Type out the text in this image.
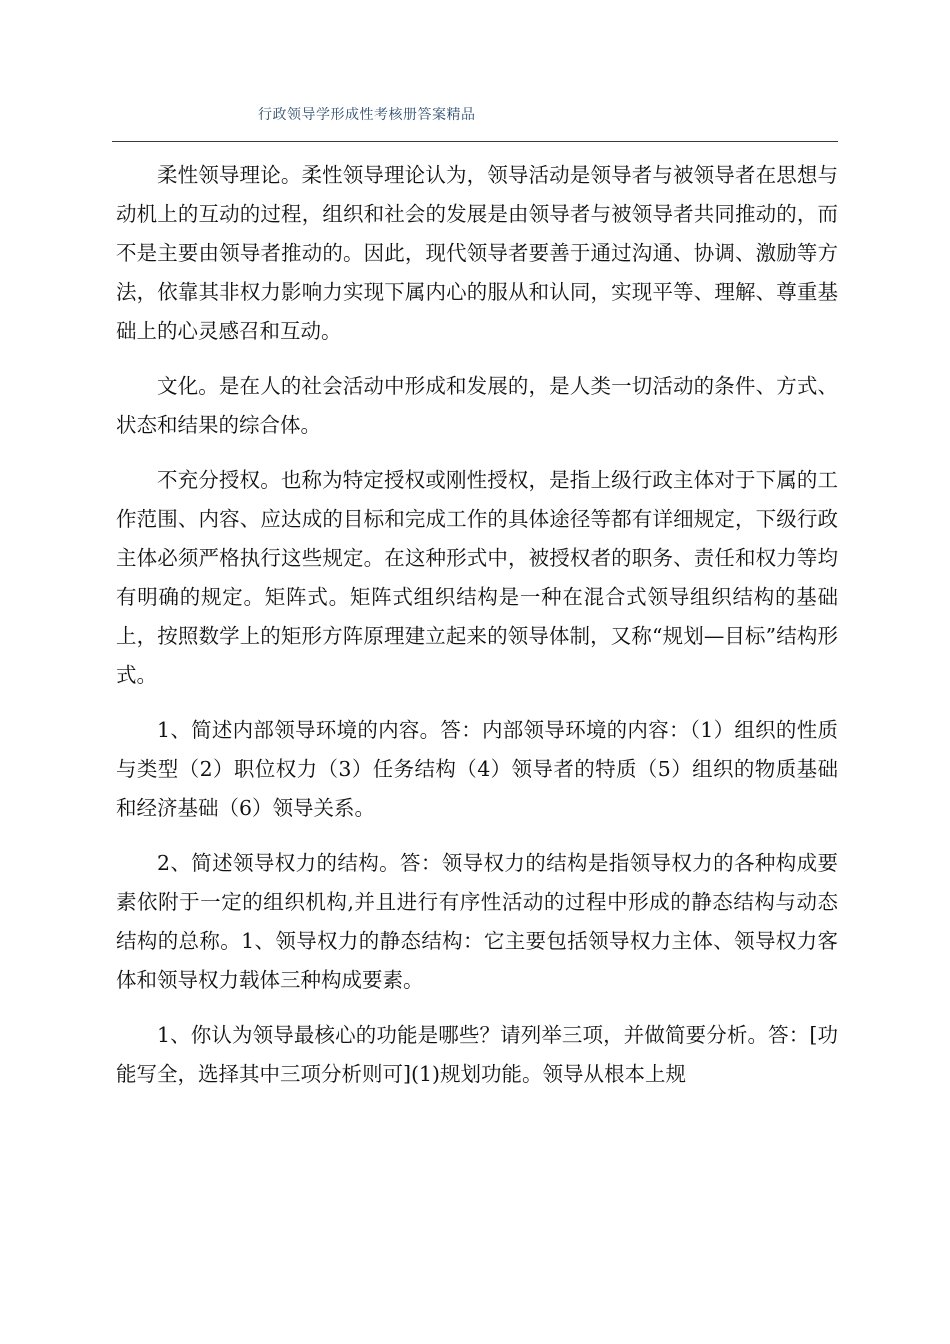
行政领导学形成性考核册答案精品

柔性领导理论。柔性领导理论认为，领导活动是领导者与被领导者在思想与动机上的互动的过程，组织和社会的发展是由领导者与被领导者共同推动的，而不是主要由领导者推动的。因此，现代领导者要善于通过沟通、协调、激励等方法，依靠其非权力影响力实现下属内心的服从和认同，实现平等、理解、尊重基础上的心灵感召和互动。

文化。是在人的社会活动中形成和发展的，是人类一切活动的条件、方式、状态和结果的综合体。

不充分授权。也称为特定授权或刚性授权，是指上级行政主体对于下属的工作范围、内容、应达成的目标和完成工作的具体途径等都有详细规定，下级行政主体必须严格执行这些规定。在这种形式中，被授权者的职务、责任和权力等均有明确的规定。矩阵式。矩阵式组织结构是一种在混合式领导组织结构的基础上，按照数学上的矩形方阵原理建立起来的领导体制，又称“规划—目标”结构形式。

1、简述内部领导环境的内容。答：内部领导环境的内容：（1）组织的性质与类型（2）职位权力（3）任务结构（4）领导者的特质（5）组织的物质基础和经济基础（6）领导关系。

2、简述领导权力的结构。答：领导权力的结构是指领导权力的各种构成要素依附于一定的组织机构,并且进行有序性活动的过程中形成的静态结构与动态结构的总称。1、领导权力的静态结构：它主要包括领导权力主体、领导权力客体和领导权力载体三种构成要素。

1、你认为领导最核心的功能是哪些？请列举三项，并做简要分析。答：[功能写全，选择其中三项分析则可](1)规划功能。领导从根本上规
